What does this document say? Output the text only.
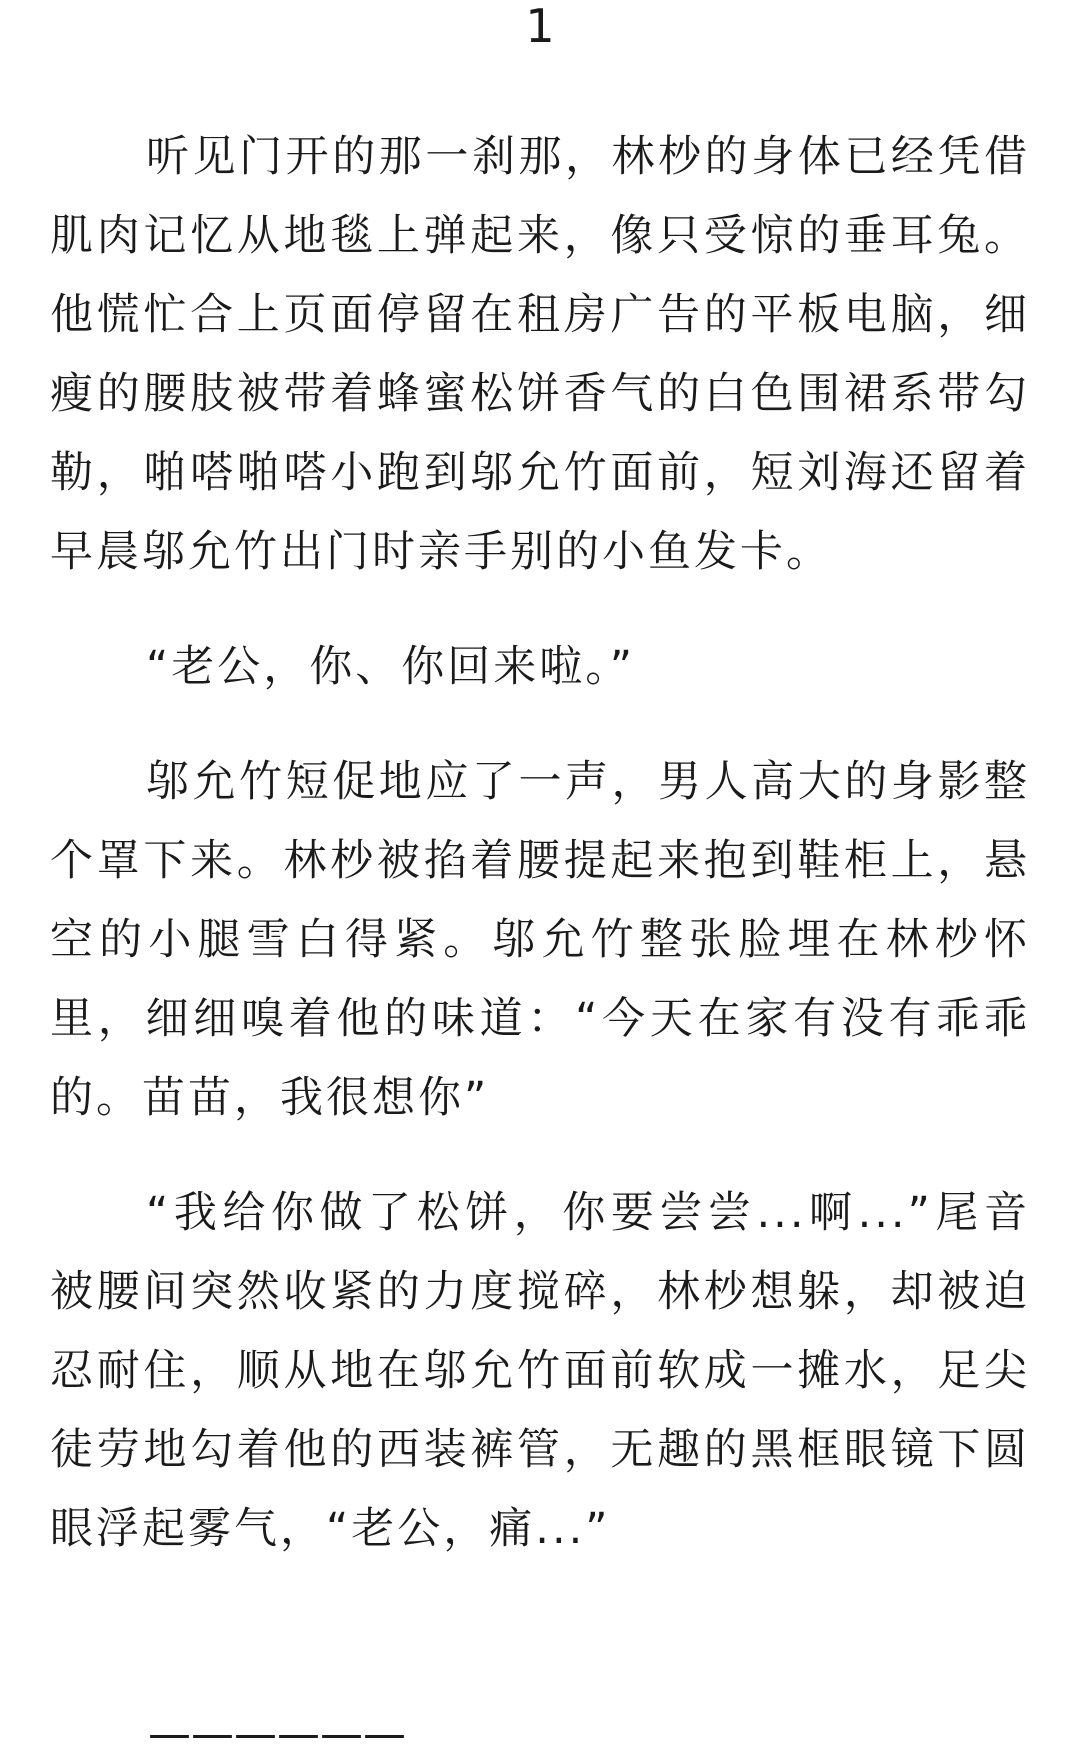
1

听见门开的那一刹那，林杪的身体已经凭借肌肉记忆从地毯上弹起来，像只受惊的垂耳兔。他慌忙合上页面停留在租房广告的平板电脑，细瘦的腰肢被带着蜂蜜松饼香气的白色围裙系带勾勒，啪嗒啪嗒小跑到邬允竹面前，短刘海还留着早晨邬允竹出门时亲手别的小鱼发卡。

“老公，你、你回来啦。”

邬允竹短促地应了一声，男人高大的身影整个罩下来。林杪被掐着腰提起来抱到鞋柜上，悬空的小腿雪白得紧。邬允竹整张脸埋在林杪怀里，细细嗅着他的味道：“今天在家有没有乖乖的。苗苗，我很想你”

“我给你做了松饼，你要尝尝...啊...”尾音被腰间突然收紧的力度搅碎，林杪想躲，却被迫忍耐住，顺从地在邬允竹面前软成一摊水，足尖徒劳地勾着他的西装裤管，无趣的黑框眼镜下圆眼浮起雾气，“老公，痛...”

——————
